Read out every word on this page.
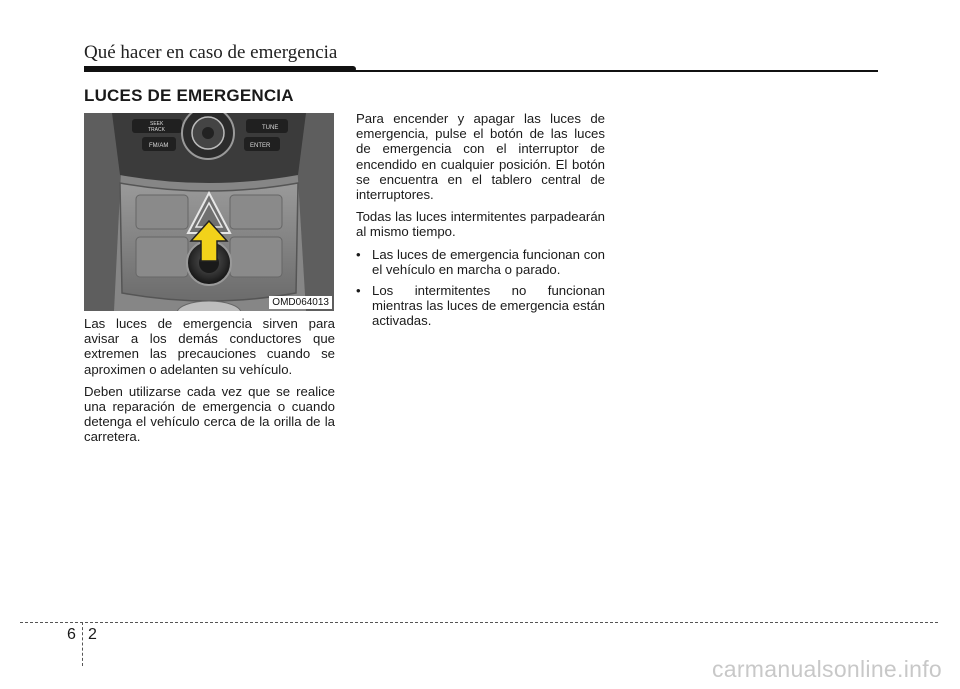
Qué hacer en caso de emergencia
LUCES DE EMERGENCIA
SEEK
TRACK
FM/AM
TUNE
ENTER
OMD064013

Las luces de emergencia sirven para avisar a los demás conductores que extremen las precauciones cuando se aproximen o adelanten su vehículo.

Deben utilizarse cada vez que se realice una reparación de emergencia o cuando detenga el vehículo cerca de la orilla de la carretera.

Para encender y apagar las luces de emergencia, pulse el botón de las luces de emergencia con el interruptor de encendido en cualquier posición. El botón se encuentra en el tablero central de interruptores.

Todas las luces intermitentes parpadearán al mismo tiempo.

• Las luces de emergencia funcionan con el vehículo en marcha o parado.
• Los intermitentes no funcionan mientras las luces de emergencia están activadas.
6 2
carmanualsonline.info
